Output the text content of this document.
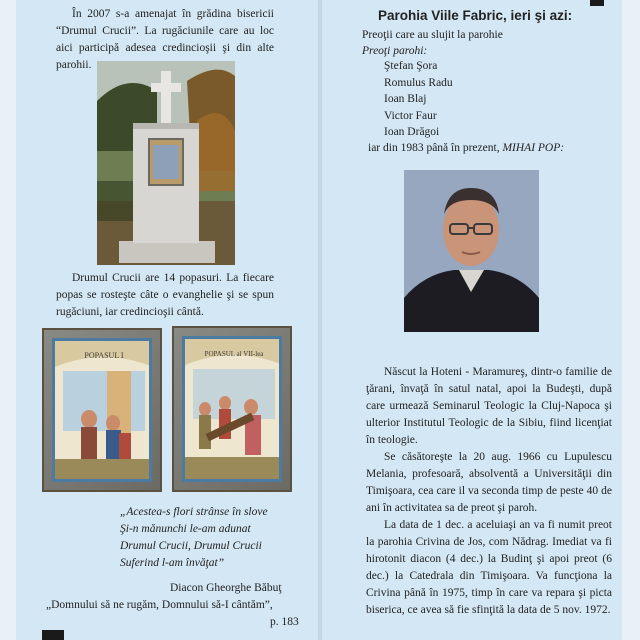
În 2007 s-a amenajat în grădina bisericii “Drumul Crucii”. La rugăciunile care au loc aici participă adesea credincioşii şi din alte parohii.

Drumul Crucii are 14 popasuri. La fiecare popas se rosteşte câte o evanghelie şi se spun rugăciuni, iar credincioşii cântă.

POPASUL I	POPASUL al VII-lea

„Acestea-s flori strânse în slove

Şi-n mănunchi le-am adunat

Drumul Crucii, Drumul Crucii

Suferind l-am învăţat”

Diacon Gheorghe Băbuţ

„Domnului să ne rugăm, Domnului să-I cântăm”,

p. 183

Parohia Viile Fabric, ieri şi azi:

Preoţii care au slujit la parohie

Preoţi parohi:

Ştefan Şora
Romulus Radu
Ioan Blaj
Victor Faur
Ioan Drăgoi

iar din 1983 până în prezent, MIHAI POP:

Născut la Hoteni - Maramureş, dintr-o familie de ţărani, învaţă în satul natal, apoi la Budeşti, după care urmează Seminarul Teologic la Cluj-Napoca şi ulterior Institutul Teologic de la Sibiu, fiind licenţiat în teologie.

Se căsătoreşte la 20 aug. 1966 cu Lupulescu Melania, profesoară, absolventă a Universităţii din Timişoara, cea care il va seconda timp de peste 40 de ani în activitatea sa de preot şi paroh.

La data de 1 dec. a aceluiaşi an va fi numit preot la parohia Crivina de Jos, com Nădrag. Imediat va fi hirotonit diacon (4 dec.) la Budinţ şi apoi preot (6 dec.) la Catedrala din Timişoara. Va funcţiona la Crivina până în 1975, timp în care va repara şi picta biserica, ce avea să fie sfinţită la data de 5 nov. 1972.
